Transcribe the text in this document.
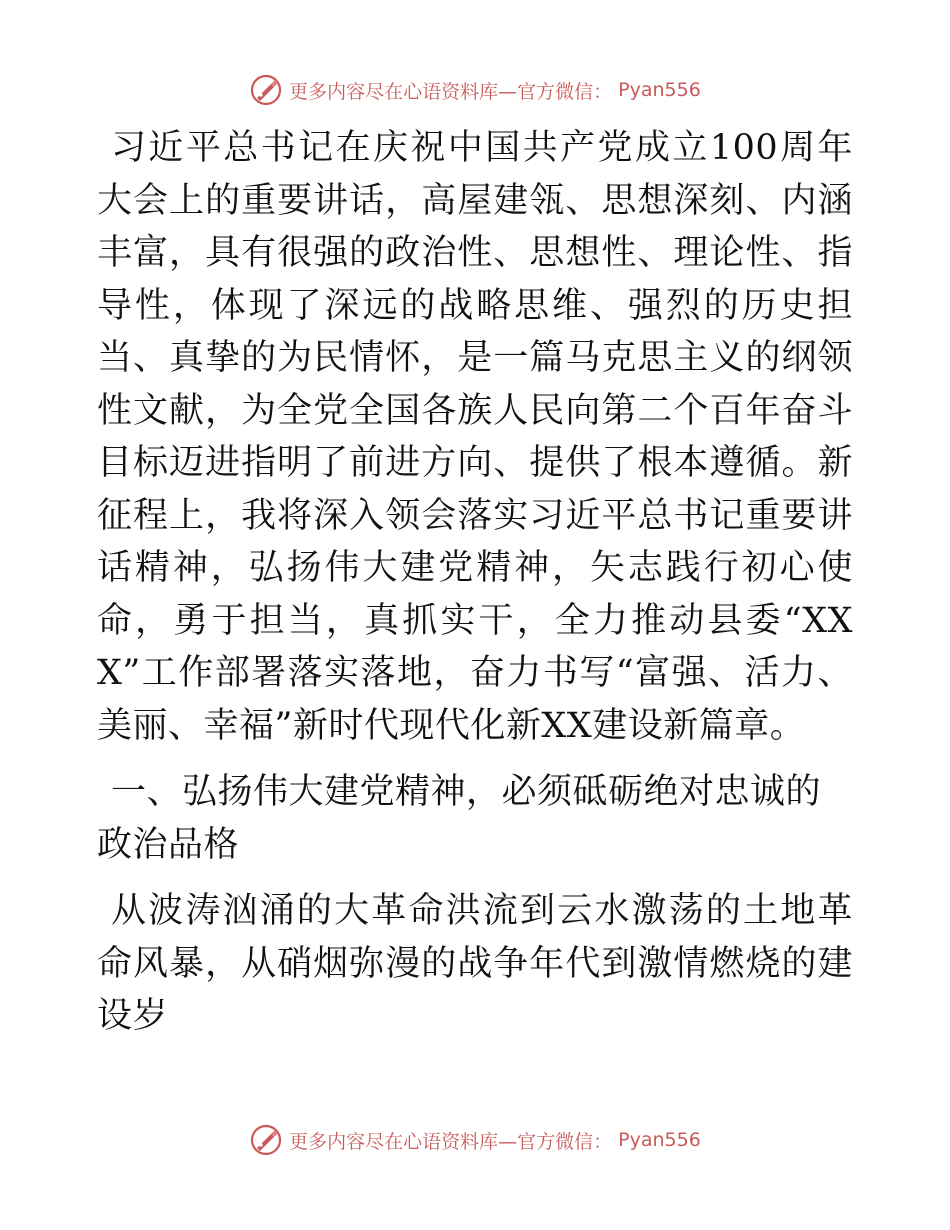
更多内容尽在心语资料库—官方微信： Pyan556

习近平总书记在庆祝中国共产党成立100周年大会上的重要讲话，高屋建瓴、思想深刻、内涵丰富，具有很强的政治性、思想性、理论性、指导性，体现了深远的战略思维、强烈的历史担当、真挚的为民情怀，是一篇马克思主义的纲领性文献，为全党全国各族人民向第二个百年奋斗目标迈进指明了前进方向、提供了根本遵循。新征程上，我将深入领会落实习近平总书记重要讲话精神，弘扬伟大建党精神，矢志践行初心使命，勇于担当，真抓实干，全力推动县委“XXX”工作部署落实落地，奋力书写“富强、活力、美丽、幸福”新时代现代化新XX建设新篇章。

一、弘扬伟大建党精神，必须砥砺绝对忠诚的政治品格

从波涛汹涌的大革命洪流到云水激荡的土地革命风暴，从硝烟弥漫的战争年代到激情燃烧的建设岁

更多内容尽在心语资料库—官方微信： Pyan556
